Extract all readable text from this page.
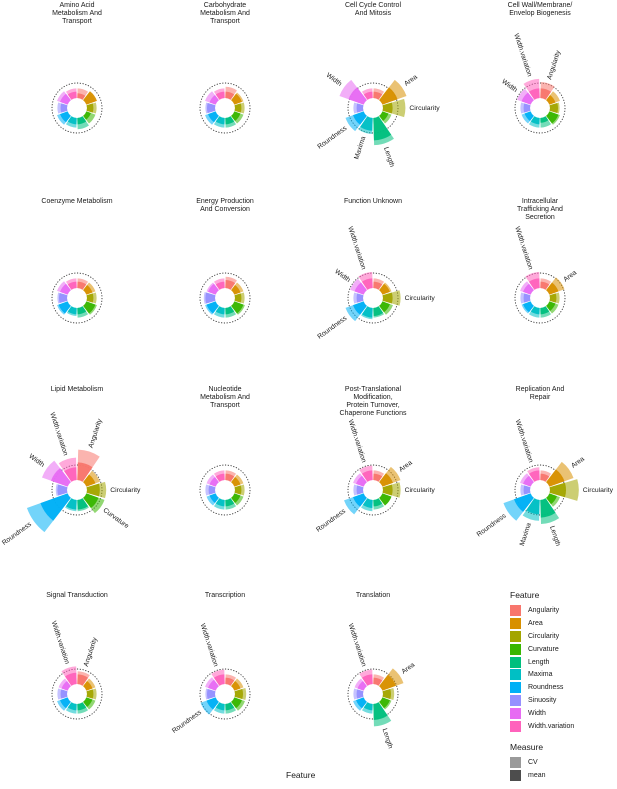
Amino Acid
Metabolism And
Transport
Carbohydrate
Metabolism And
Transport
Cell Cycle Control
And Mitosis
Area
Circularity
Length
Maxima
Roundness
Width
Cell Wall/Membrane/
Envelop Biogenesis
Angularity
Width
Width.variation
Coenzyme Metabolism	Energy Production
And Conversion
Function Unknown
Circularity
Roundness
Width
Width.variation
Intracellular
Trafficking And
Secretion
Area
Width.variation
Lipid Metabolism
Angularity
Circularity
Curvature
Roundness
Width
Width.variation
Nucleotide
Metabolism And
Transport
Post-Translational
Modification,
Protein Turnover,
Chaperone Functions
Area
Circularity
Roundness
Width.variation
Replication And
Repair
Area
Circularity
Length
Maxima
Roundness
Width.variation
Signal Transduction
Angularity
Width.variation
Transcription
Roundness
Width.variation
Translation
Area
Length
Width.variation
Feature
Angularity
Area
Circularity
Curvature
Length
Maxima
Roundness
Sinuosity
Width
Width.variation
Measure
CV
mean
Feature
